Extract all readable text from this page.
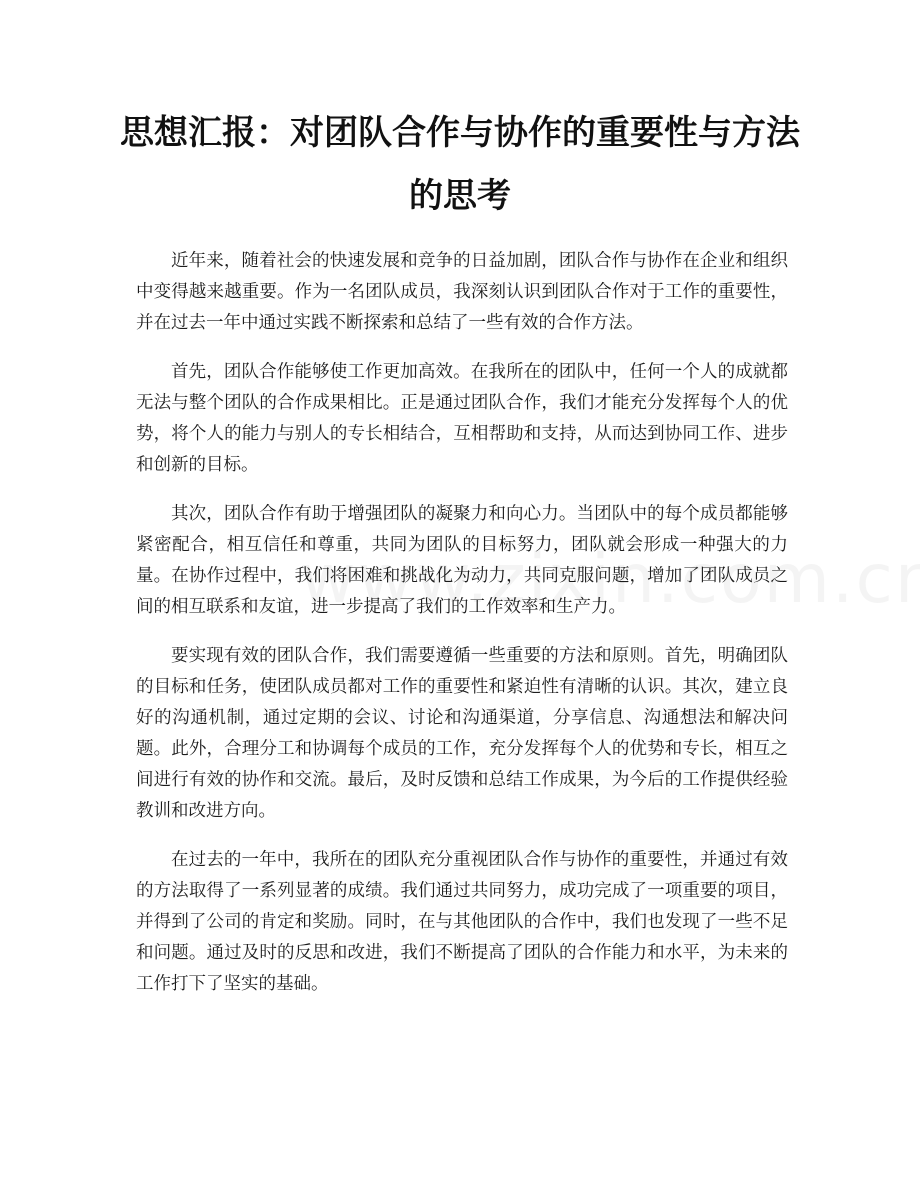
思想汇报：对团队合作与协作的重要性与方法的思考

近年来，随着社会的快速发展和竞争的日益加剧，团队合作与协作在企业和组织中变得越来越重要。作为一名团队成员，我深刻认识到团队合作对于工作的重要性，并在过去一年中通过实践不断探索和总结了一些有效的合作方法。

首先，团队合作能够使工作更加高效。在我所在的团队中，任何一个人的成就都无法与整个团队的合作成果相比。正是通过团队合作，我们才能充分发挥每个人的优势，将个人的能力与别人的专长相结合，互相帮助和支持，从而达到协同工作、进步和创新的目标。

其次，团队合作有助于增强团队的凝聚力和向心力。当团队中的每个成员都能够紧密配合，相互信任和尊重，共同为团队的目标努力，团队就会形成一种强大的力量。在协作过程中，我们将困难和挑战化为动力，共同克服问题，增加了团队成员之间的相互联系和友谊，进一步提高了我们的工作效率和生产力。

要实现有效的团队合作，我们需要遵循一些重要的方法和原则。首先，明确团队的目标和任务，使团队成员都对工作的重要性和紧迫性有清晰的认识。其次，建立良好的沟通机制，通过定期的会议、讨论和沟通渠道，分享信息、沟通想法和解决问题。此外，合理分工和协调每个成员的工作，充分发挥每个人的优势和专长，相互之间进行有效的协作和交流。最后，及时反馈和总结工作成果，为今后的工作提供经验教训和改进方向。

在过去的一年中，我所在的团队充分重视团队合作与协作的重要性，并通过有效的方法取得了一系列显著的成绩。我们通过共同努力，成功完成了一项重要的项目，并得到了公司的肯定和奖励。同时，在与其他团队的合作中，我们也发现了一些不足和问题。通过及时的反思和改进，我们不断提高了团队的合作能力和水平，为未来的工作打下了坚实的基础。
